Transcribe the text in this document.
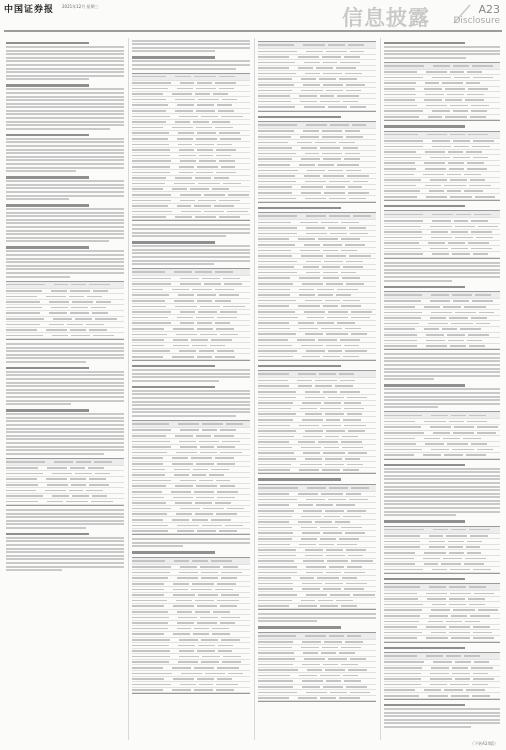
中国证券报 2021年12月 星期三	信息披露	A23
Disclosure
（下转A24版）
